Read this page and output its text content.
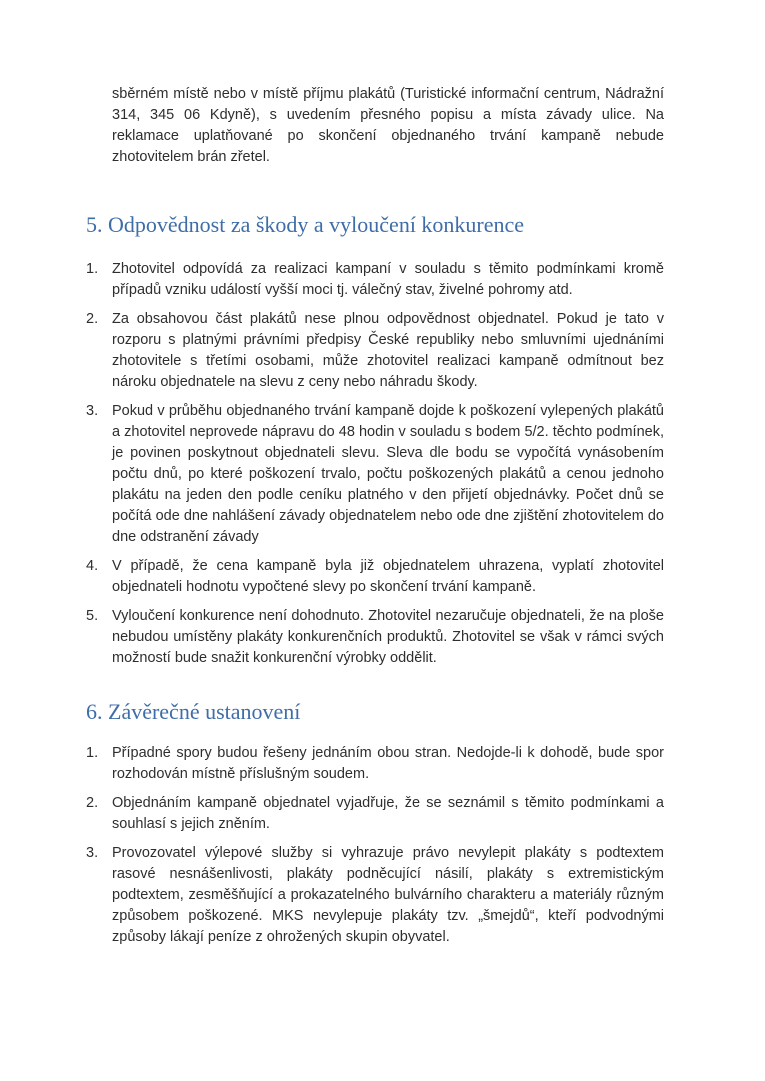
sběrném místě nebo v místě příjmu plakátů (Turistické informační centrum, Nádražní 314, 345 06 Kdyně), s uvedením přesného popisu a místa závady ulice. Na reklamace uplatňované po skončení objednaného trvání kampaně nebude zhotovitelem brán zřetel.

5. Odpovědnost za škody a vyloučení konkurence
1. Zhotovitel odpovídá za realizaci kampaní v souladu s těmito podmínkami kromě případů vzniku událostí vyšší moci tj. válečný stav, živelné pohromy atd.
2. Za obsahovou část plakátů nese plnou odpovědnost objednatel. Pokud je tato v rozporu s platnými právními předpisy České republiky nebo smluvními ujednáními zhotovitele s třetími osobami, může zhotovitel realizaci kampaně odmítnout bez nároku objednatele na slevu z ceny nebo náhradu škody.
3. Pokud v průběhu objednaného trvání kampaně dojde k poškození vylepených plakátů a zhotovitel neprovede nápravu do 48 hodin v souladu s bodem 5/2. těchto podmínek, je povinen poskytnout objednateli slevu. Sleva dle bodu se vypočítá vynásobením počtu dnů, po které poškození trvalo, počtu poškozených plakátů a cenou jednoho plakátu na jeden den podle ceníku platného v den přijetí objednávky. Počet dnů se počítá ode dne nahlášení závady objednatelem nebo ode dne zjištění zhotovitelem do dne odstranění závady
4. V případě, že cena kampaně byla již objednatelem uhrazena, vyplatí zhotovitel objednateli hodnotu vypočtené slevy po skončení trvání kampaně.
5. Vyloučení konkurence není dohodnuto. Zhotovitel nezaručuje objednateli, že na ploše nebudou umístěny plakáty konkurenčních produktů. Zhotovitel se však v rámci svých možností bude snažit konkurenční výrobky oddělit.
6. Závěrečné ustanovení
1. Případné spory budou řešeny jednáním obou stran. Nedojde-li k dohodě, bude spor rozhodován místně příslušným soudem.
2. Objednáním kampaně objednatel vyjadřuje, že se seznámil s těmito podmínkami a souhlasí s jejich zněním.
3. Provozovatel výlepové služby si vyhrazuje právo nevylepit plakáty s podtextem rasové nesnášenlivosti, plakáty podněcující násilí, plakáty s extremistickým podtextem, zesměšňující a prokazatelného bulvárního charakteru a materiály různým způsobem poškozené. MKS nevylepuje plakáty tzv. „šmejdů“, kteří podvodnými způsoby lákají peníze z ohrožených skupin obyvatel.
